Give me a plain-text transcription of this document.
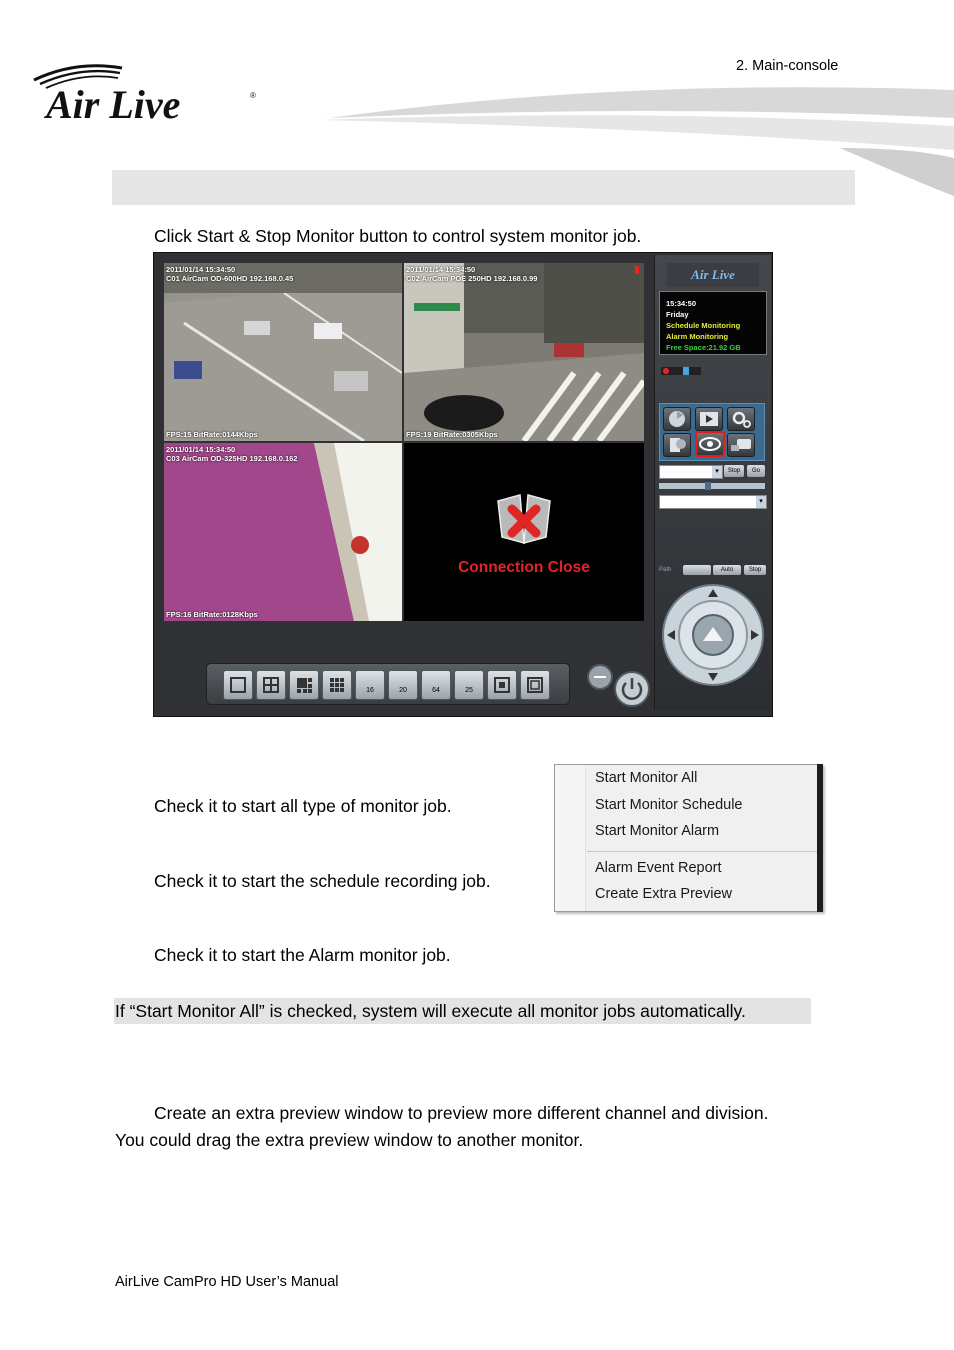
Air Live	®
2. Main-console
Click Start & Stop Monitor button to control system monitor job.
2011/01/14 15:34:50
C01 AirCam OD-600HD 192.168.0.45
FPS:15 BitRate:0144Kbps
2011/01/14 15:34:50
C02 AirCam POE 250HD 192.168.0.99
FPS:19 BitRate:0305Kbps
2011/01/14 15:34:50
C03 AirCam OD-325HD 192.168.0.162
FPS:16 BitRate:0128Kbps
Connection Close
Air Live
15:34:50
Friday
Schedule Monitoring
Alarm Monitoring
Free Space:21.92 GB
▾	Stop	Go
▾
Path	Auto	Stop
16	20	64	25
Start Monitor All
Start Monitor Schedule
Start Monitor Alarm
Alarm Event Report
Create Extra Preview
Check it to start all type of monitor job.
Check it to start the schedule recording job.
Check it to start the Alarm monitor job.
If “Start Monitor All” is checked, system will execute all monitor jobs automatically.
Create an extra preview window to preview more different channel and division.
You could drag the extra preview window to another monitor.
AirLive CamPro HD User’s Manual
